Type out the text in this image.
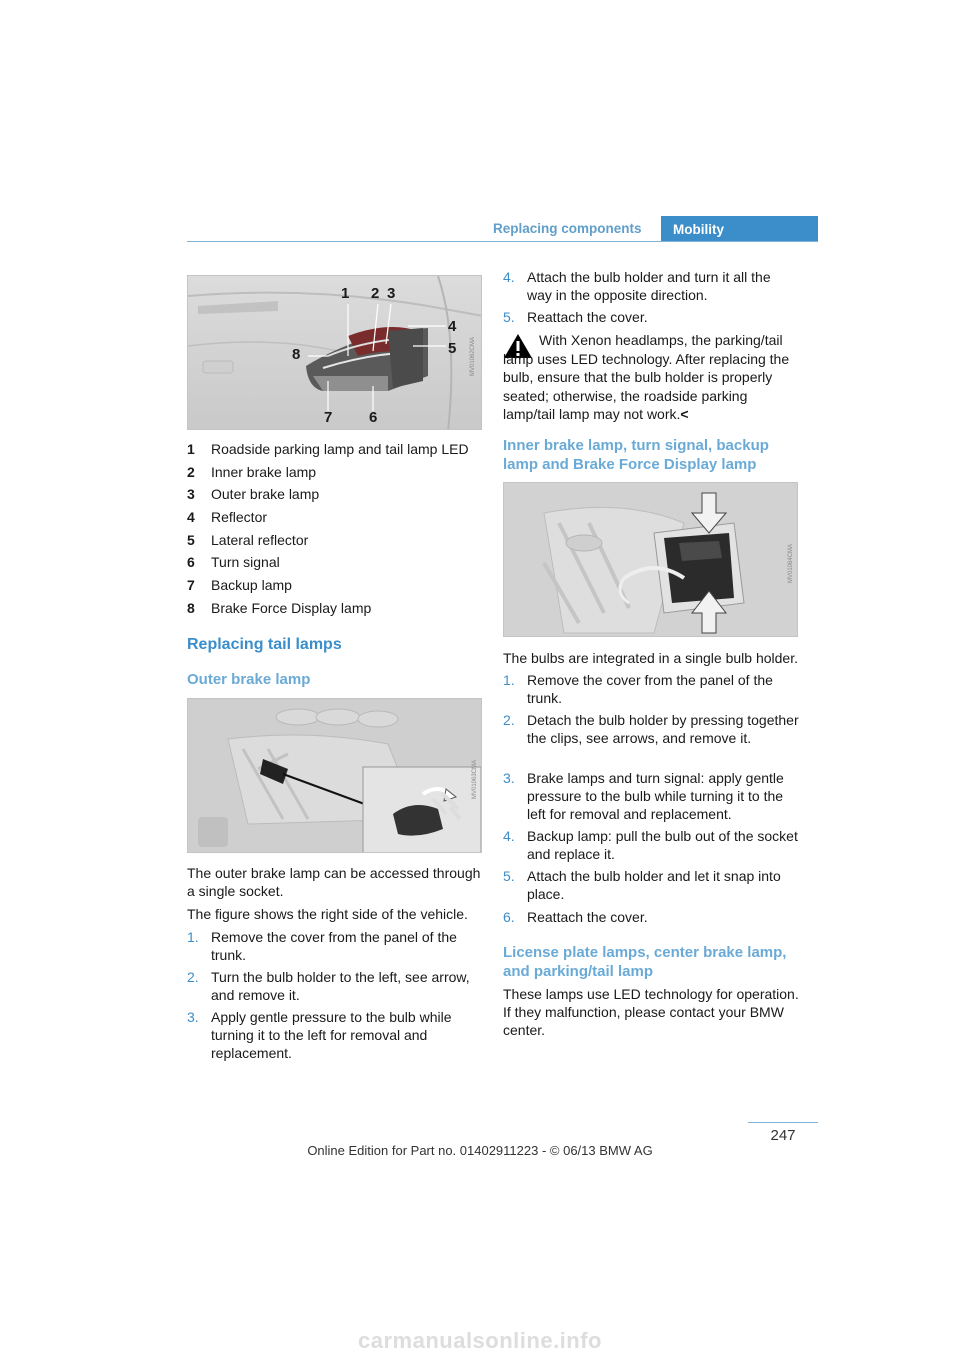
Replacing components	Mobility
1 2 3
4
5
6
7
8	MV01062CMA
1	Roadside parking lamp and tail lamp LED
2	Inner brake lamp
3	Outer brake lamp
4	Reflector
5	Lateral reflector
6	Turn signal
7	Backup lamp
8	Brake Force Display lamp
Replacing tail lamps
Outer brake lamp
MV01063CMA

The outer brake lamp can be accessed through a single socket.

The figure shows the right side of the vehicle.

1. Remove the cover from the panel of the trunk.
2. Turn the bulb holder to the left, see arrow, and remove it.
3. Apply gentle pressure to the bulb while turning it to the left for removal and replacement.
4. Attach the bulb holder and turn it all the way in the opposite direction.
5. Reattach the cover.

With Xenon headlamps, the parking/tail lamp uses LED technology. After replacing the bulb, ensure that the bulb holder is properly seated; otherwise, the roadside parking lamp/tail lamp may not work.<

Inner brake lamp, turn signal, backup lamp and Brake Force Display lamp
MV01064CMA

The bulbs are integrated in a single bulb holder.

1. Remove the cover from the panel of the trunk.
2. Detach the bulb holder by pressing together the clips, see arrows, and remove it.
3. Brake lamps and turn signal: apply gentle pressure to the bulb while turning it to the left for removal and replacement.
4. Backup lamp: pull the bulb out of the socket and replace it.
5. Attach the bulb holder and let it snap into place.
6. Reattach the cover.
License plate lamps, center brake lamp, and parking/tail lamp

These lamps use LED technology for operation. If they malfunction, please contact your BMW center.

247
Online Edition for Part no. 01402911223 - © 06/13 BMW AG
carmanualsonline.info
